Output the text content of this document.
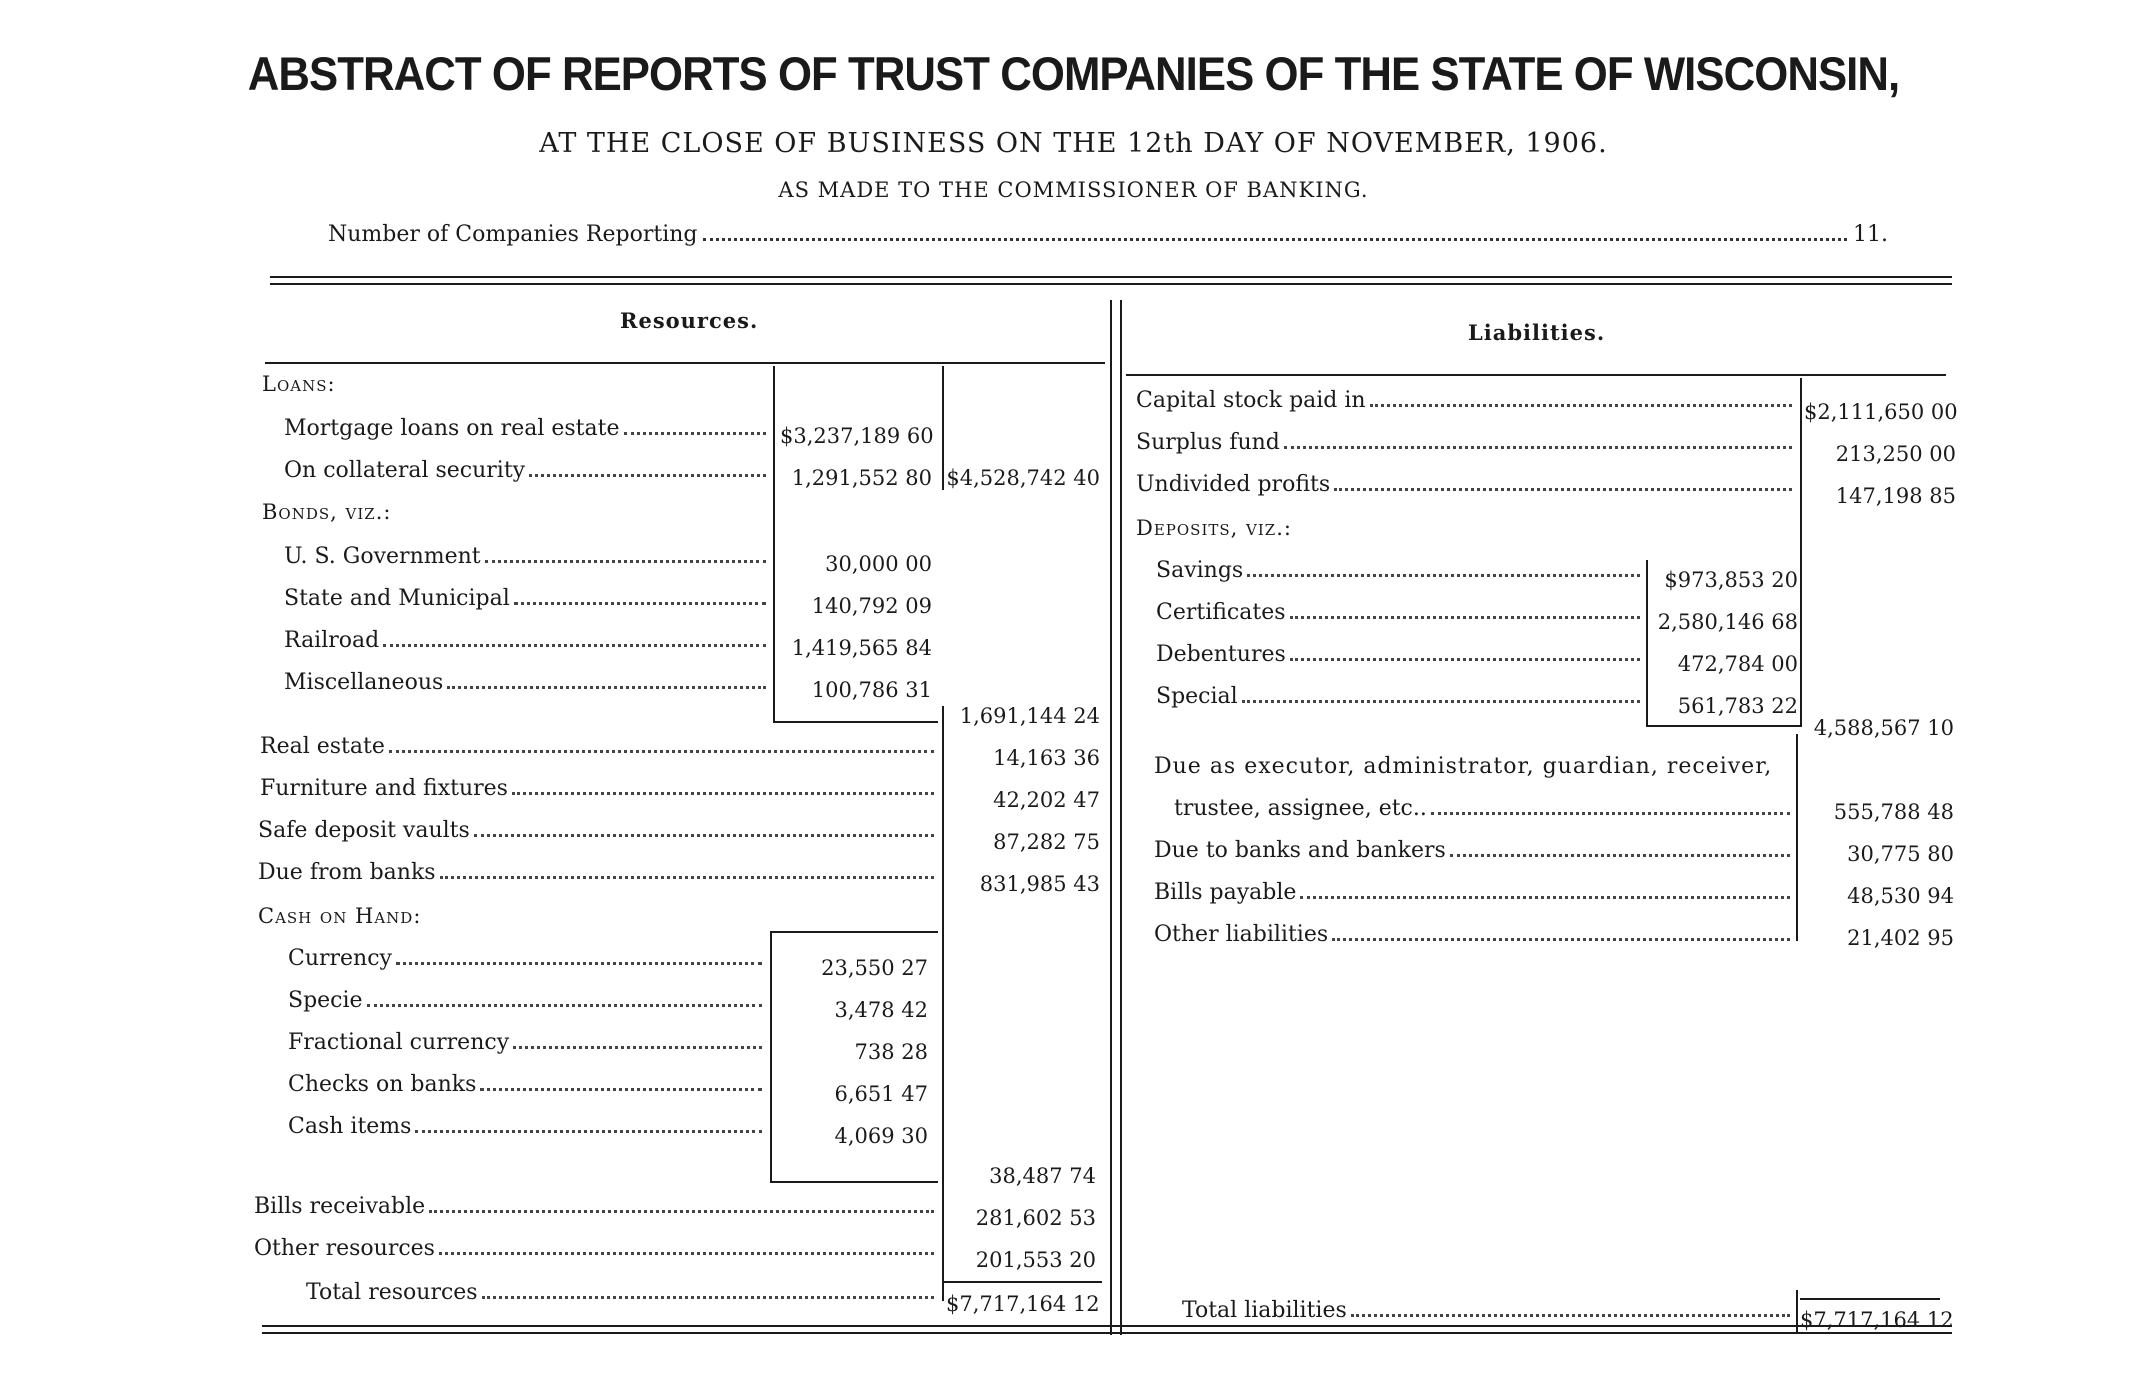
ABSTRACT OF REPORTS OF TRUST COMPANIES OF THE STATE OF WISCONSIN,
AT THE CLOSE OF BUSINESS ON THE 12th DAY OF NOVEMBER, 1906.
AS MADE TO THE COMMISSIONER OF BANKING.
Number of Companies Reporting	11.
Resources.	Liabilities.
Loans:
Mortgage loans on real estate	$3,237,189 60
On collateral security	1,291,552 80 $4,528,742 40
Bonds, viz.:
U. S. Government	30,000 00
State and Municipal	140,792 09
Railroad	1,419,565 84
Miscellaneous	100,786 31
1,691,144 24
Real estate	14,163 36
Furniture and fixtures	42,202 47
Safe deposit vaults	87,282 75
Due from banks	831,985 43
Cash on Hand:
Currency	23,550 27
Specie	3,478 42
Fractional currency	738 28
Checks on banks	6,651 47
Cash items	4,069 30
38,487 74
Bills receivable	281,602 53
Other resources	201,553 20
Total resources	$7,717,164 12
Capital stock paid in	$2,111,650 00
Surplus fund	213,250 00
Undivided profits	147,198 85
Deposits, viz.:
Savings	$973,853 20
Certificates	2,580,146 68
Debentures	472,784 00
Special	561,783 22
4,588,567 10
Due as executor, administrator, guardian, receiver,
trustee, assignee, etc..	555,788 48
Due to banks and bankers	30,775 80
Bills payable	48,530 94
Other liabilities	21,402 95
Total liabilities	$7,717,164 12
